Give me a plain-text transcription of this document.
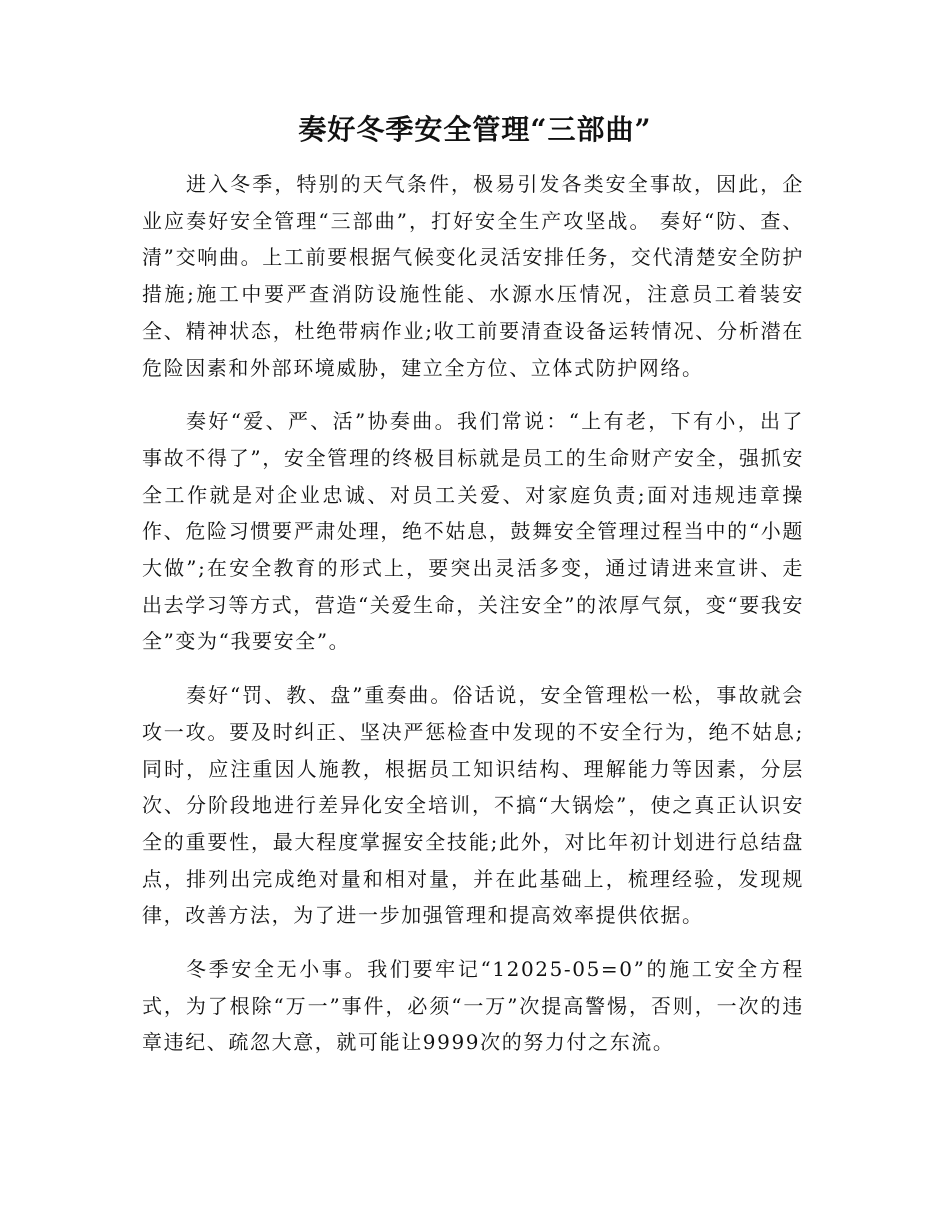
奏好冬季安全管理“三部曲”

进入冬季，特别的天气条件，极易引发各类安全事故，因此，企业应奏好安全管理“三部曲”，打好安全生产攻坚战。 奏好“防、查、清”交响曲。上工前要根据气候变化灵活安排任务，交代清楚安全防护措施;施工中要严查消防设施性能、水源水压情况，注意员工着装安全、精神状态，杜绝带病作业;收工前要清查设备运转情况、分析潜在危险因素和外部环境威胁，建立全方位、立体式防护网络。

奏好“爱、严、活”协奏曲。我们常说：“上有老，下有小，出了事故不得了”，安全管理的终极目标就是员工的生命财产安全，强抓安全工作就是对企业忠诚、对员工关爱、对家庭负责;面对违规违章操作、危险习惯要严肃处理，绝不姑息，鼓舞安全管理过程当中的“小题大做”;在安全教育的形式上，要突出灵活多变，通过请进来宣讲、走出去学习等方式，营造“关爱生命，关注安全”的浓厚气氛，变“要我安全”变为“我要安全”。

奏好“罚、教、盘”重奏曲。俗话说，安全管理松一松，事故就会攻一攻。要及时纠正、坚决严惩检查中发现的不安全行为，绝不姑息;同时，应注重因人施教，根据员工知识结构、理解能力等因素，分层次、分阶段地进行差异化安全培训，不搞“大锅烩”，使之真正认识安全的重要性，最大程度掌握安全技能;此外，对比年初计划进行总结盘点，排列出完成绝对量和相对量，并在此基础上，梳理经验，发现规律，改善方法，为了进一步加强管理和提高效率提供依据。

冬季安全无小事。我们要牢记“12025-05=0”的施工安全方程式，为了根除“万一”事件，必须“一万”次提高警惕，否则，一次的违章违纪、疏忽大意，就可能让9999次的努力付之东流。
